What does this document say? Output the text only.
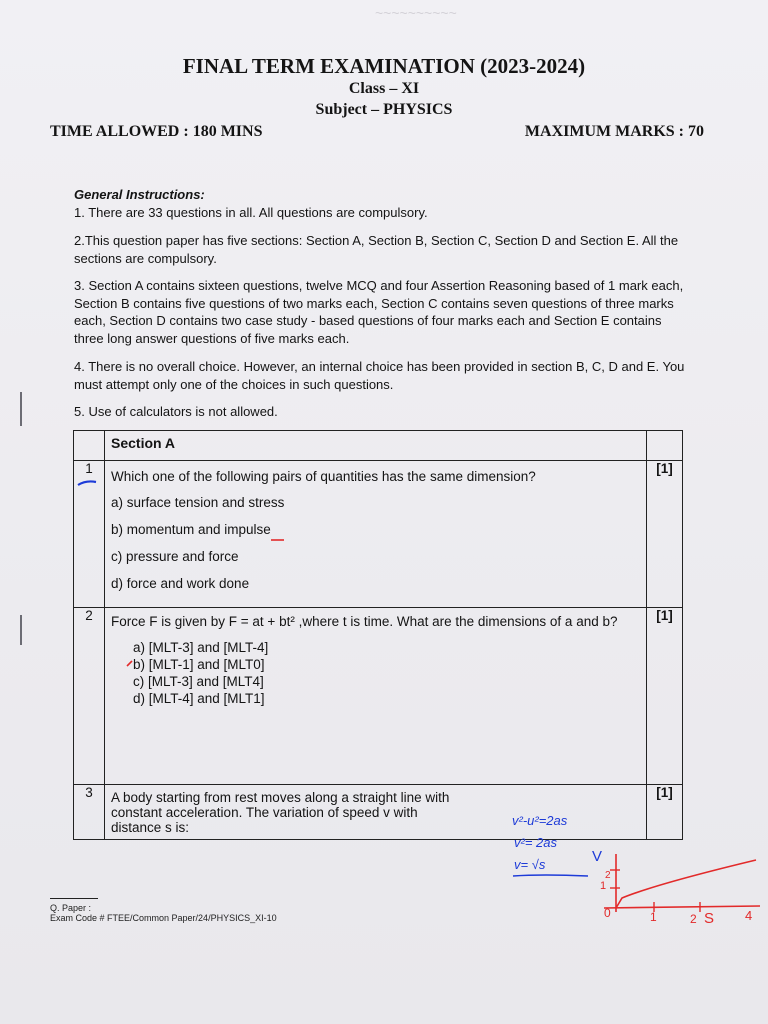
~~~~~~~~~~
FINAL TERM EXAMINATION (2023-2024)
Class – XI
Subject – PHYSICS
TIME ALLOWED : 180 MINS	MAXIMUM MARKS : 70
General Instructions:
1. There are 33 questions in all. All questions are compulsory.
2.This question paper has five sections: Section A, Section B, Section C, Section D and Section E. All the sections are compulsory.
3. Section A contains sixteen questions, twelve MCQ and four Assertion Reasoning based of 1 mark each, Section B contains five questions of two marks each, Section C contains seven questions of three marks each, Section D contains two case study - based questions of four marks each and Section E contains three long answer questions of five marks each.
4. There is no overall choice. However, an internal choice has been provided in section B, C, D and E. You must attempt only one of the choices in such questions.
5. Use of calculators is not allowed.

	Section A	

1	Which one of the following pairs of quantities has the same dimension?
a) surface tension and stress
b) momentum and impulse
c) pressure and force
d) force and work done	[1]
2	Force F is given by F = at + bt² ,where t is time. What are the dimensions of a and b?
a) [MLT-3] and [MLT-4]
b) [MLT-1] and [MLT0]
c) [MLT-3] and [MLT4]
d) [MLT-4] and [MLT1]	[1]
3	A body starting from rest moves along a straight line with constant acceleration. The variation of speed v with distance s is:	[1]
v²-u²=2as
v²= 2as
v= √s	V
2
1
0	1	2 S 4
Q. Paper :
Exam Code # FTEE/Common Paper/24/PHYSICS_XI-10
